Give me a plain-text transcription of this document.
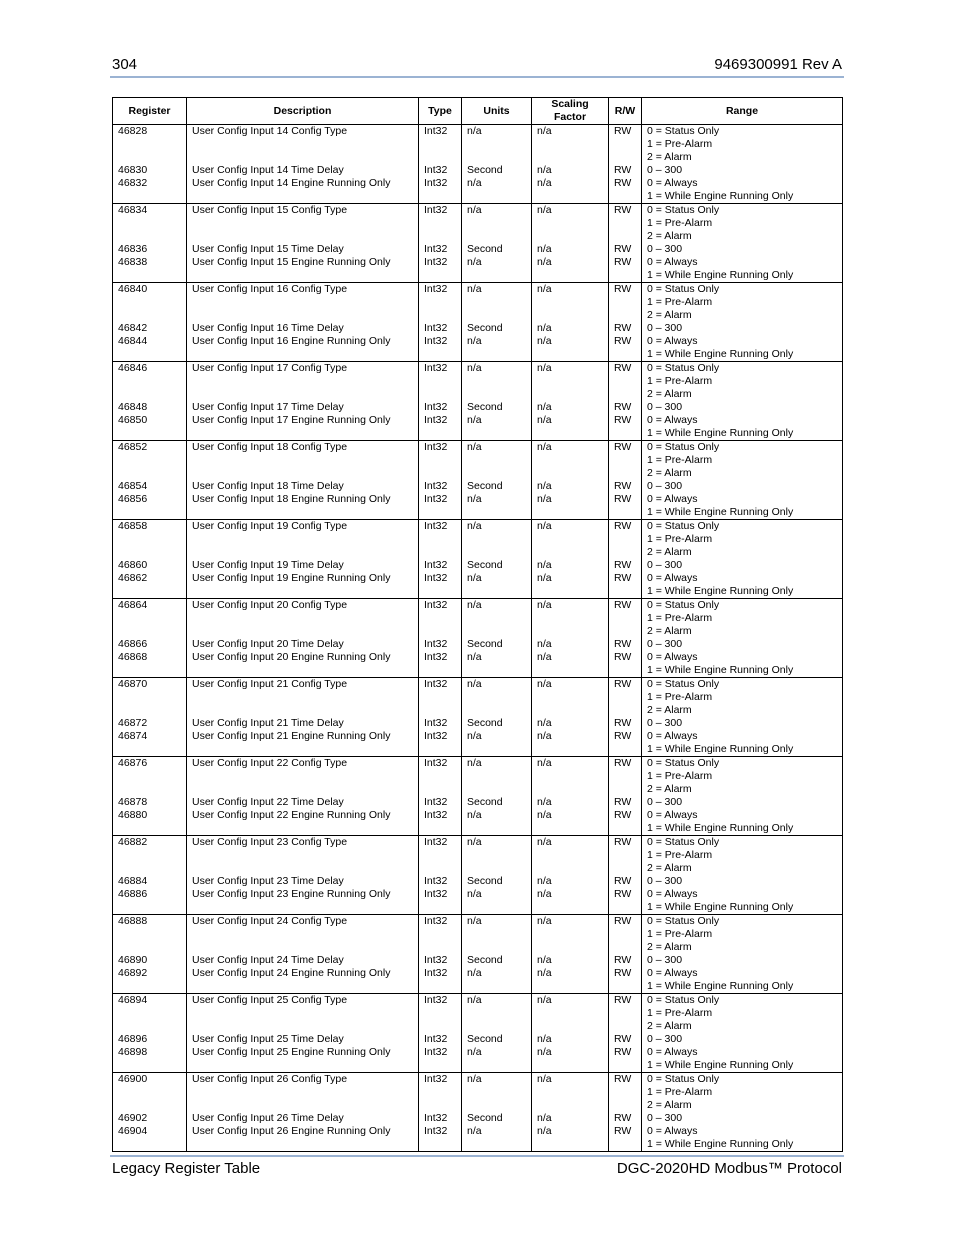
304	9469300991 Rev A
Register	Description	Type	Units	Scaling Factor	R/W	Range
46828	User Config Input 14 Config Type	Int32	n/a	n/a	RW	0 = Status Only
1 = Pre-Alarm
2 = Alarm

46830	User Config Input 14 Time Delay	Int32	Second	n/a	RW	0 – 300

46832	User Config Input 14 Engine Running Only	Int32	n/a	n/a	RW	0 = Always
1 = While Engine Running Only

46834	User Config Input 15 Config Type	Int32	n/a	n/a	RW	0 = Status Only
1 = Pre-Alarm
2 = Alarm

46836	User Config Input 15 Time Delay	Int32	Second	n/a	RW	0 – 300

46838	User Config Input 15 Engine Running Only	Int32	n/a	n/a	RW	0 = Always
1 = While Engine Running Only

46840	User Config Input 16 Config Type	Int32	n/a	n/a	RW	0 = Status Only
1 = Pre-Alarm
2 = Alarm

46842	User Config Input 16 Time Delay	Int32	Second	n/a	RW	0 – 300

46844	User Config Input 16 Engine Running Only	Int32	n/a	n/a	RW	0 = Always
1 = While Engine Running Only

46846	User Config Input 17 Config Type	Int32	n/a	n/a	RW	0 = Status Only
1 = Pre-Alarm
2 = Alarm

46848	User Config Input 17 Time Delay	Int32	Second	n/a	RW	0 – 300

46850	User Config Input 17 Engine Running Only	Int32	n/a	n/a	RW	0 = Always
1 = While Engine Running Only

46852	User Config Input 18 Config Type	Int32	n/a	n/a	RW	0 = Status Only
1 = Pre-Alarm
2 = Alarm

46854	User Config Input 18 Time Delay	Int32	Second	n/a	RW	0 – 300

46856	User Config Input 18 Engine Running Only	Int32	n/a	n/a	RW	0 = Always
1 = While Engine Running Only

46858	User Config Input 19 Config Type	Int32	n/a	n/a	RW	0 = Status Only
1 = Pre-Alarm
2 = Alarm

46860	User Config Input 19 Time Delay	Int32	Second	n/a	RW	0 – 300

46862	User Config Input 19 Engine Running Only	Int32	n/a	n/a	RW	0 = Always
1 = While Engine Running Only

46864	User Config Input 20 Config Type	Int32	n/a	n/a	RW	0 = Status Only
1 = Pre-Alarm
2 = Alarm

46866	User Config Input 20 Time Delay	Int32	Second	n/a	RW	0 – 300

46868	User Config Input 20 Engine Running Only	Int32	n/a	n/a	RW	0 = Always
1 = While Engine Running Only

46870	User Config Input 21 Config Type	Int32	n/a	n/a	RW	0 = Status Only
1 = Pre-Alarm
2 = Alarm

46872	User Config Input 21 Time Delay	Int32	Second	n/a	RW	0 – 300

46874	User Config Input 21 Engine Running Only	Int32	n/a	n/a	RW	0 = Always
1 = While Engine Running Only

46876	User Config Input 22 Config Type	Int32	n/a	n/a	RW	0 = Status Only
1 = Pre-Alarm
2 = Alarm

46878	User Config Input 22 Time Delay	Int32	Second	n/a	RW	0 – 300

46880	User Config Input 22 Engine Running Only	Int32	n/a	n/a	RW	0 = Always
1 = While Engine Running Only

46882	User Config Input 23 Config Type	Int32	n/a	n/a	RW	0 = Status Only
1 = Pre-Alarm
2 = Alarm

46884	User Config Input 23 Time Delay	Int32	Second	n/a	RW	0 – 300

46886	User Config Input 23 Engine Running Only	Int32	n/a	n/a	RW	0 = Always
1 = While Engine Running Only

46888	User Config Input 24 Config Type	Int32	n/a	n/a	RW	0 = Status Only
1 = Pre-Alarm
2 = Alarm

46890	User Config Input 24 Time Delay	Int32	Second	n/a	RW	0 – 300

46892	User Config Input 24 Engine Running Only	Int32	n/a	n/a	RW	0 = Always
1 = While Engine Running Only

46894	User Config Input 25 Config Type	Int32	n/a	n/a	RW	0 = Status Only
1 = Pre-Alarm
2 = Alarm

46896	User Config Input 25 Time Delay	Int32	Second	n/a	RW	0 – 300

46898	User Config Input 25 Engine Running Only	Int32	n/a	n/a	RW	0 = Always
1 = While Engine Running Only

46900	User Config Input 26 Config Type	Int32	n/a	n/a	RW	0 = Status Only
1 = Pre-Alarm
2 = Alarm

46902	User Config Input 26 Time Delay	Int32	Second	n/a	RW	0 – 300

46904	User Config Input 26 Engine Running Only	Int32	n/a	n/a	RW	0 = Always
1 = While Engine Running Only
Legacy Register Table	DGC-2020HD Modbus™ Protocol
